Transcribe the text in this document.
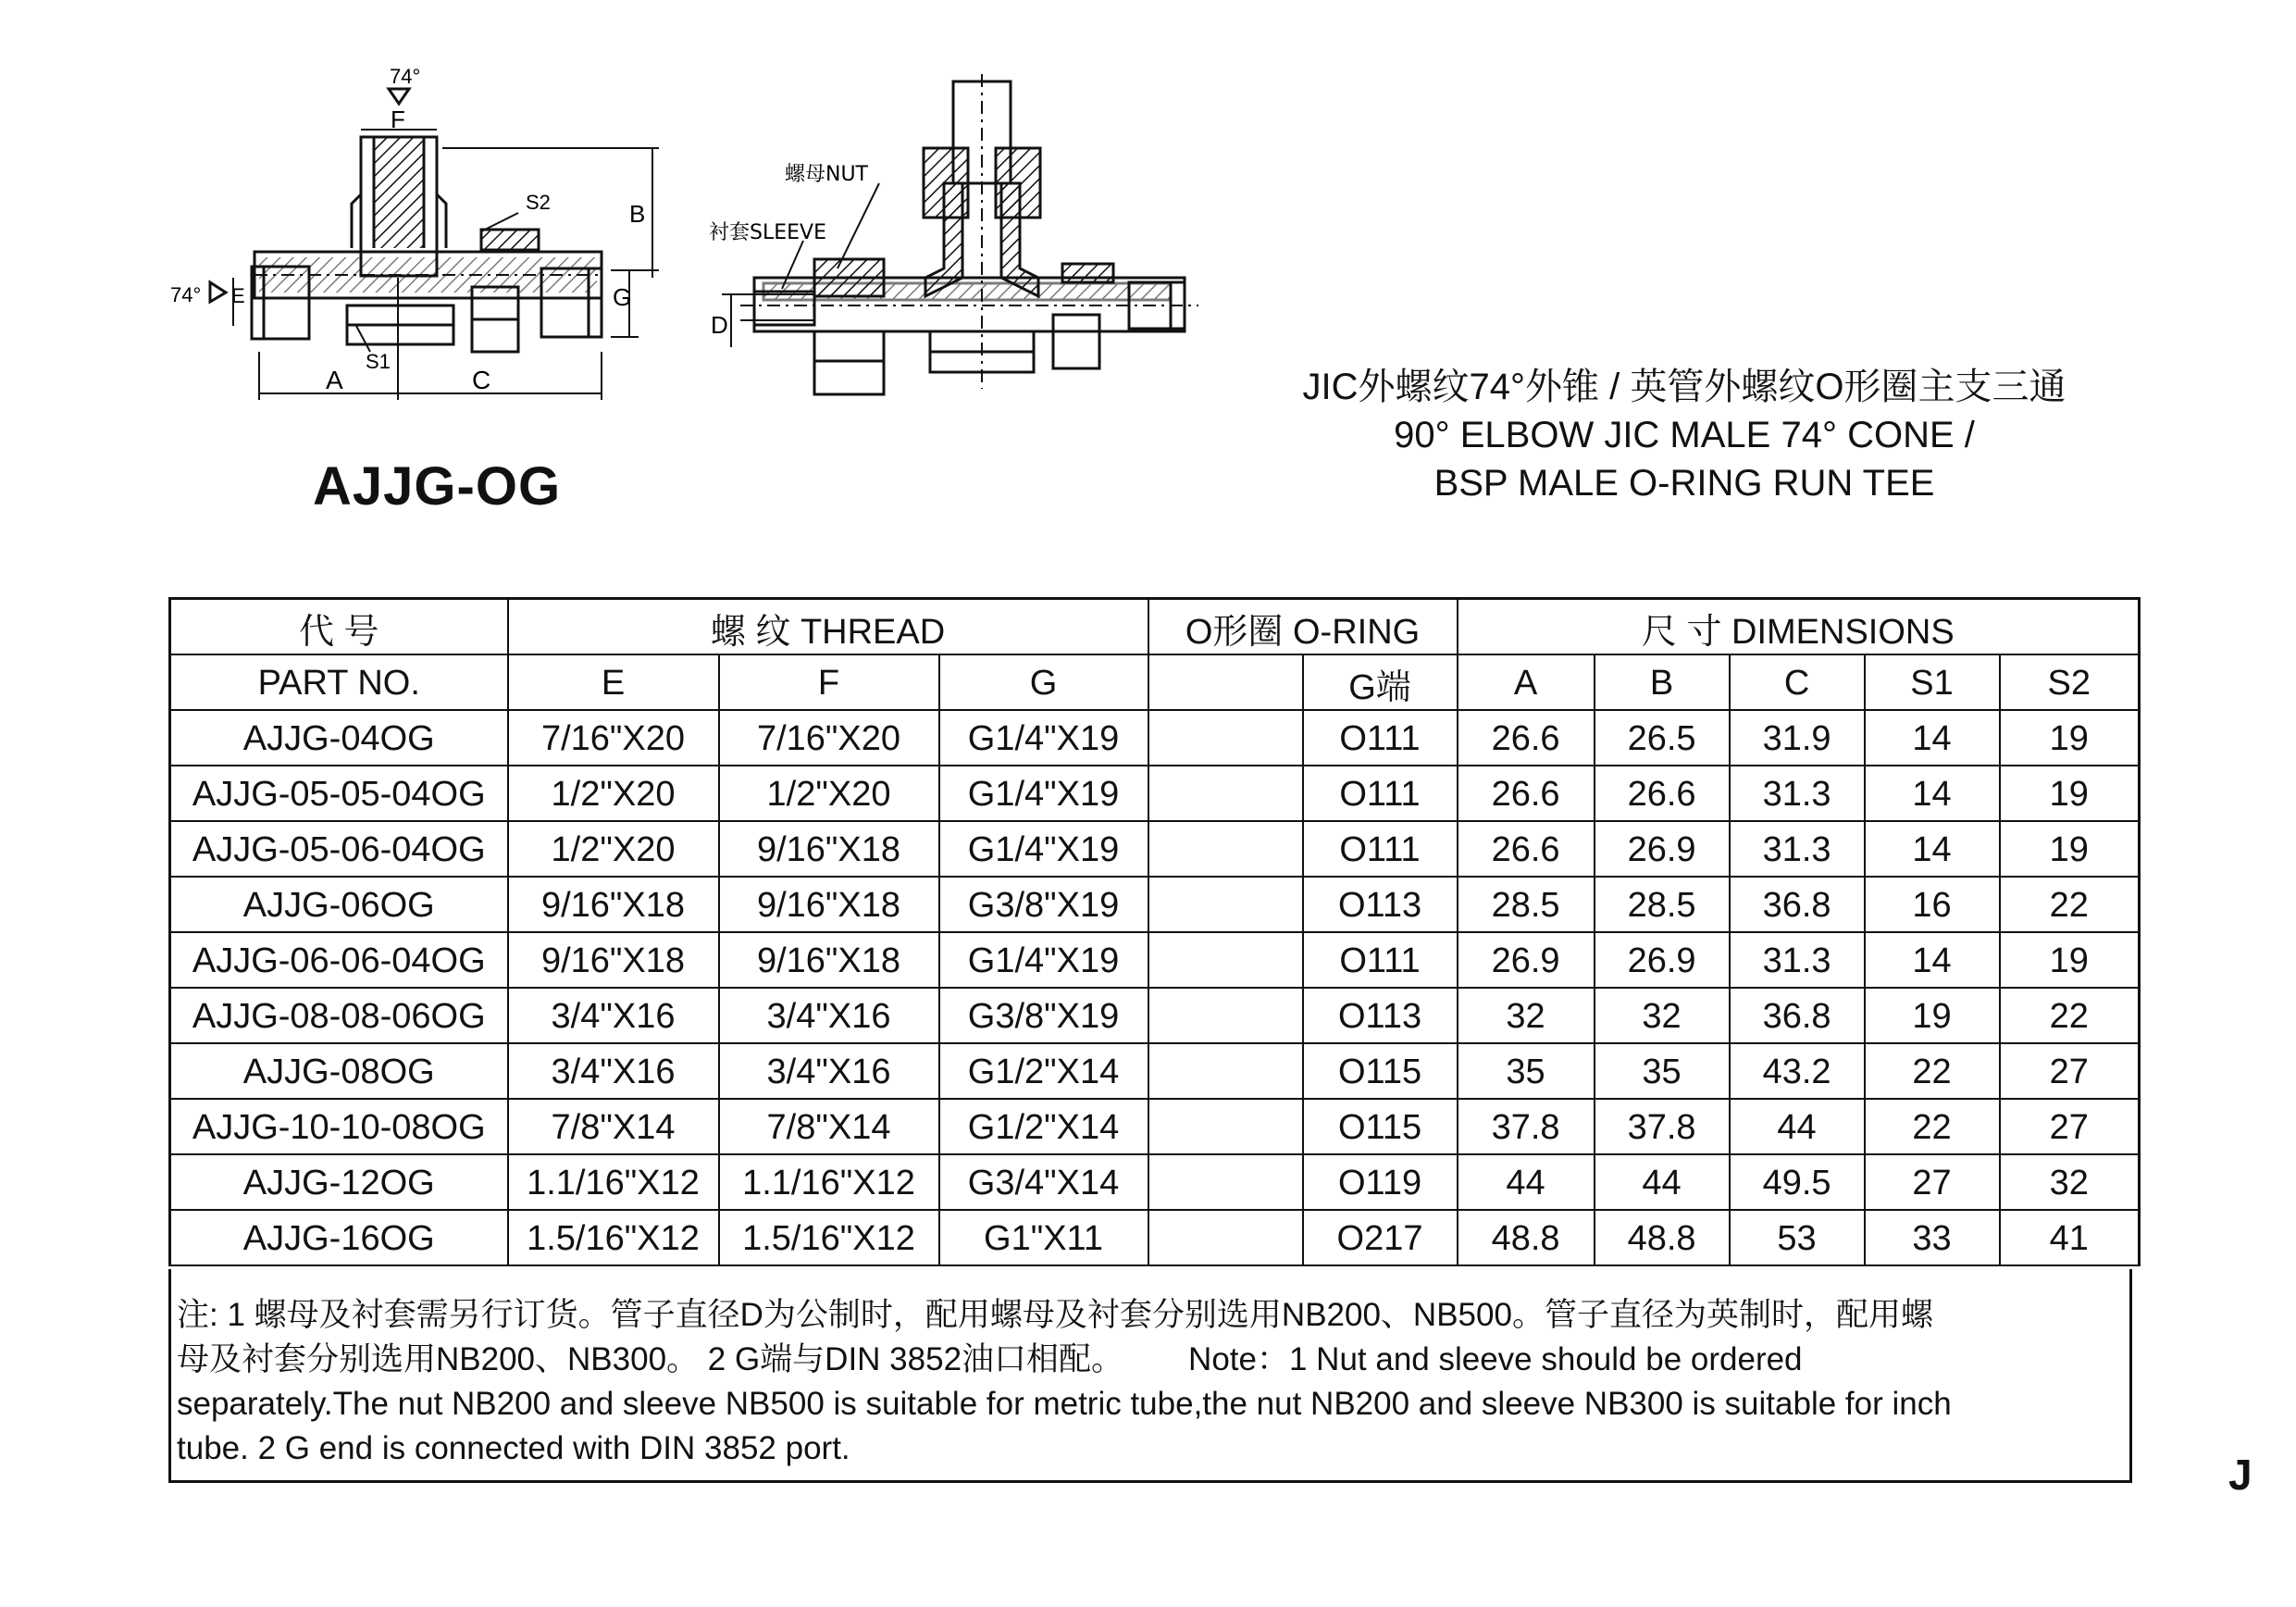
74°
F
74° E
S2	B
G
S1
A	C
螺母NUT
衬套SLEEVE
D
AJJG-OG
JIC外螺纹74°外锥 / 英管外螺纹O形圈主支三通
90° ELBOW JIC MALE 74° CONE /
BSP MALE O-RING RUN TEE
代 号	螺 纹 THREAD			O形圈 O-RING		尺 寸 DIMENSIONS				
PART NO.	E	F	G		G端	A	B	C	S1	S2
AJJG-04OG	7/16"X20	7/16"X20	G1/4"X19		O111	26.6	26.5	31.9	14	19
AJJG-05-05-04OG	1/2"X20	1/2"X20	G1/4"X19		O111	26.6	26.6	31.3	14	19
AJJG-05-06-04OG	1/2"X20	9/16"X18	G1/4"X19		O111	26.6	26.9	31.3	14	19
AJJG-06OG	9/16"X18	9/16"X18	G3/8"X19		O113	28.5	28.5	36.8	16	22
AJJG-06-06-04OG	9/16"X18	9/16"X18	G1/4"X19		O111	26.9	26.9	31.3	14	19
AJJG-08-08-06OG	3/4"X16	3/4"X16	G3/8"X19		O113	32	32	36.8	19	22
AJJG-08OG	3/4"X16	3/4"X16	G1/2"X14		O115	35	35	43.2	22	27
AJJG-10-10-08OG	7/8"X14	7/8"X14	G1/2"X14		O115	37.8	37.8	44	22	27
AJJG-12OG	1.1/16"X12	1.1/16"X12	G3/4"X14		O119	44	44	49.5	27	32
AJJG-16OG	1.5/16"X12	1.5/16"X12	G1"X11		O217	48.8	48.8	53	33	41
注: 1 螺母及衬套需另行订货。管子直径D为公制时，配用螺母及衬套分别选用NB200、NB500。管子直径为英制时，配用螺
母及衬套分别选用NB200、NB300。 2 G端与DIN 3852油口相配。 Note：1 Nut and sleeve should be ordered
separately.The nut NB200 and sleeve NB500 is suitable for metric tube,the nut NB200 and sleeve NB300 is suitable for inch
tube. 2 G end is connected with DIN 3852 port.
J
